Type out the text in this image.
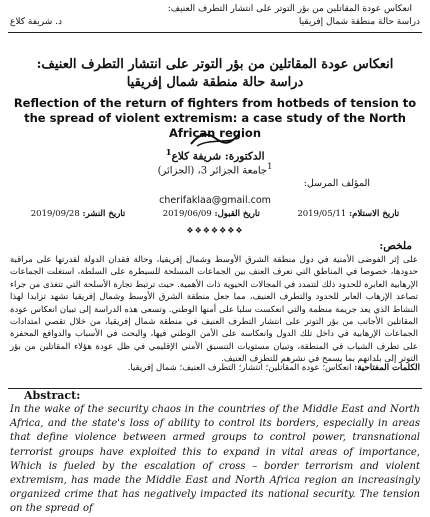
انعكاس عودة المقاتلين من بؤر التوتر على انتشار التطرف العنيف:
دراسة حالة منطقة شمال إفريقيا
د. شريفة كلاع
انعكاس عودة المقاتلين من بؤر التوتر على انتشار التطرف العنيف:
دراسة حالة منطقة شمال إفريقيا
Reflection of the return of fighters from hotbeds of tension to the spread of violent extremism: a case study of the North African region
الدكتورة: شريفة كلاع$^1$
$^1$جامعة الجزائر 3، (الجزائر)
المؤلف المرسل:
cherifaklaa@gmail.com
تاريخ الاستلام: 2019/05/11
تاريخ القبول: 2019/06/09
تاريخ النشر: 2019/09/28
❖❖❖❖❖❖❖
ملخص:
على إثر الفوضى الأمنية في دول منطقة الشرق الأوسط وشمال إفريقيا، وحالة فقدان الدولة لقدرتها على مراقبة حدودها، خصوصا في المناطق التي تعرف العنف بين الجماعات المسلحة للسيطرة على السلطة، استغلت الجماعات الإرهابية العابرة للحدود ذلك لتتمدد في المجالات الحيوية ذات الأهمية. حيث ترتبط تجارة الأسلحة التي تتغذى من جراء تصاعد الإرهاب العابر للحدود والتطرف العنيف، مما جعل منطقة الشرق الأوسط وشمال إفريقيا تشهد تزايدا لهذا النشاط الذي يعد جريمة منظمة والتي انعكست سلبا على أمنها الوطني. وتسعى هذه الدراسة إلى تبيان انعكاس عودة المقاتلين الأجانب من بؤر التوتر على انتشار التطرف العنيف في منطقة شمال إفريقيا، من خلال تقصي امتدادات الجماعات الإرهابية في داخل تلك الدول وانعكاسه على الأمن الوطني فيها، والبحث في الأسباب والدوافع المحفزة على تطرف الشباب في المنطقة، وتبيان مستويات التنسيق الأمني الإقليمي في ظل عودة هؤلاء المقاتلين من بؤر التوتر إلى بلدانهم بما يسمح في نشرهم للتطرف العنيف.
الكلمات المفتاحية: انعكاس؛ عودة المقاتلين؛ انتشار؛ التطرف العنيف؛ شمال إفريقيا.
Abstract:
In the wake of the security chaos in the countries of the Middle East and North Africa, and the state's loss of ability to control its borders, especially in areas that define violence between armed groups to control power, transnational terrorist groups have exploited this to expand in vital areas of importance, Which is fueled by the escalation of cross – border terrorism and violent extremism, has made the Middle East and North Africa region an increasingly organized crime that has negatively impacted its national security. The tension on the spread of
